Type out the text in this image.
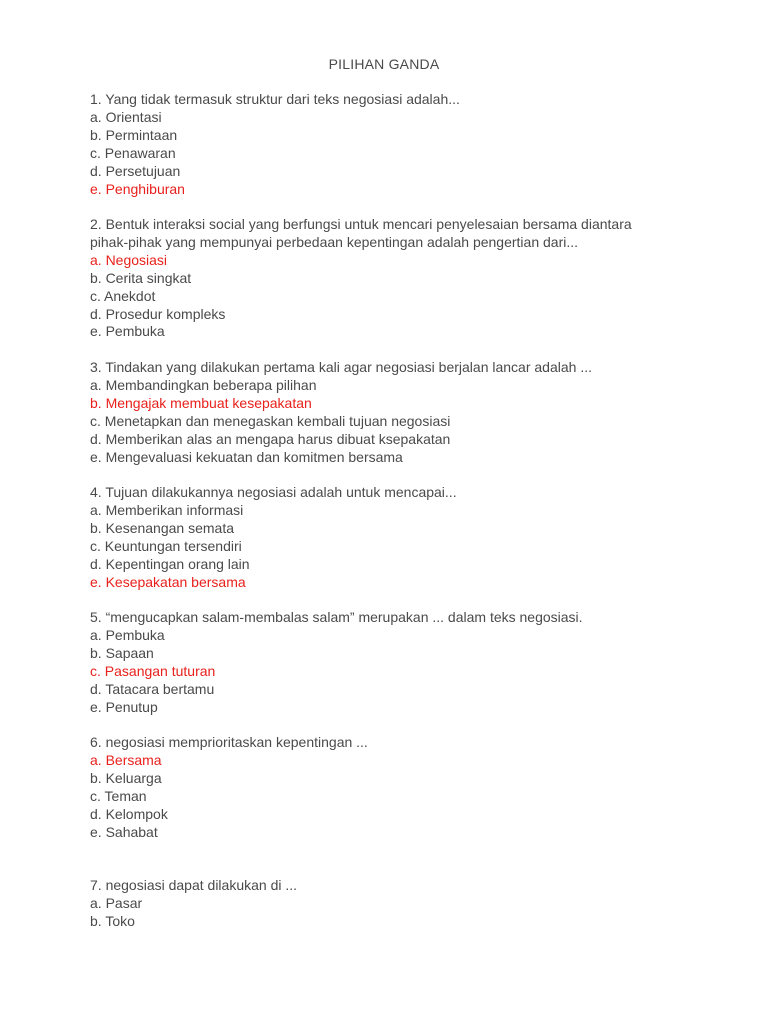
PILIHAN GANDA
1. Yang tidak termasuk struktur dari teks negosiasi adalah...
a. Orientasi
b. Permintaan
c. Penawaran
d. Persetujuan
e. Penghiburan
2. Bentuk interaksi social yang berfungsi untuk mencari penyelesaian bersama diantara
pihak-pihak yang mempunyai perbedaan kepentingan adalah pengertian dari...
a. Negosiasi
b. Cerita singkat
c. Anekdot
d. Prosedur kompleks
e. Pembuka
3. Tindakan yang dilakukan pertama kali agar negosiasi berjalan lancar adalah ...
a. Membandingkan beberapa pilihan
b. Mengajak membuat kesepakatan
c. Menetapkan dan menegaskan kembali tujuan negosiasi
d. Memberikan alas an mengapa harus dibuat ksepakatan
e. Mengevaluasi kekuatan dan komitmen bersama
4. Tujuan dilakukannya negosiasi adalah untuk mencapai...
a. Memberikan informasi
b. Kesenangan semata
c. Keuntungan tersendiri
d. Kepentingan orang lain
e. Kesepakatan bersama
5. “mengucapkan salam-membalas salam” merupakan ... dalam teks negosiasi.
a. Pembuka
b. Sapaan
c. Pasangan tuturan
d. Tatacara bertamu
e. Penutup
6. negosiasi memprioritaskan kepentingan ...
a. Bersama
b. Keluarga
c. Teman
d. Kelompok
e. Sahabat
7. negosiasi dapat dilakukan di ...
a. Pasar
b. Toko
